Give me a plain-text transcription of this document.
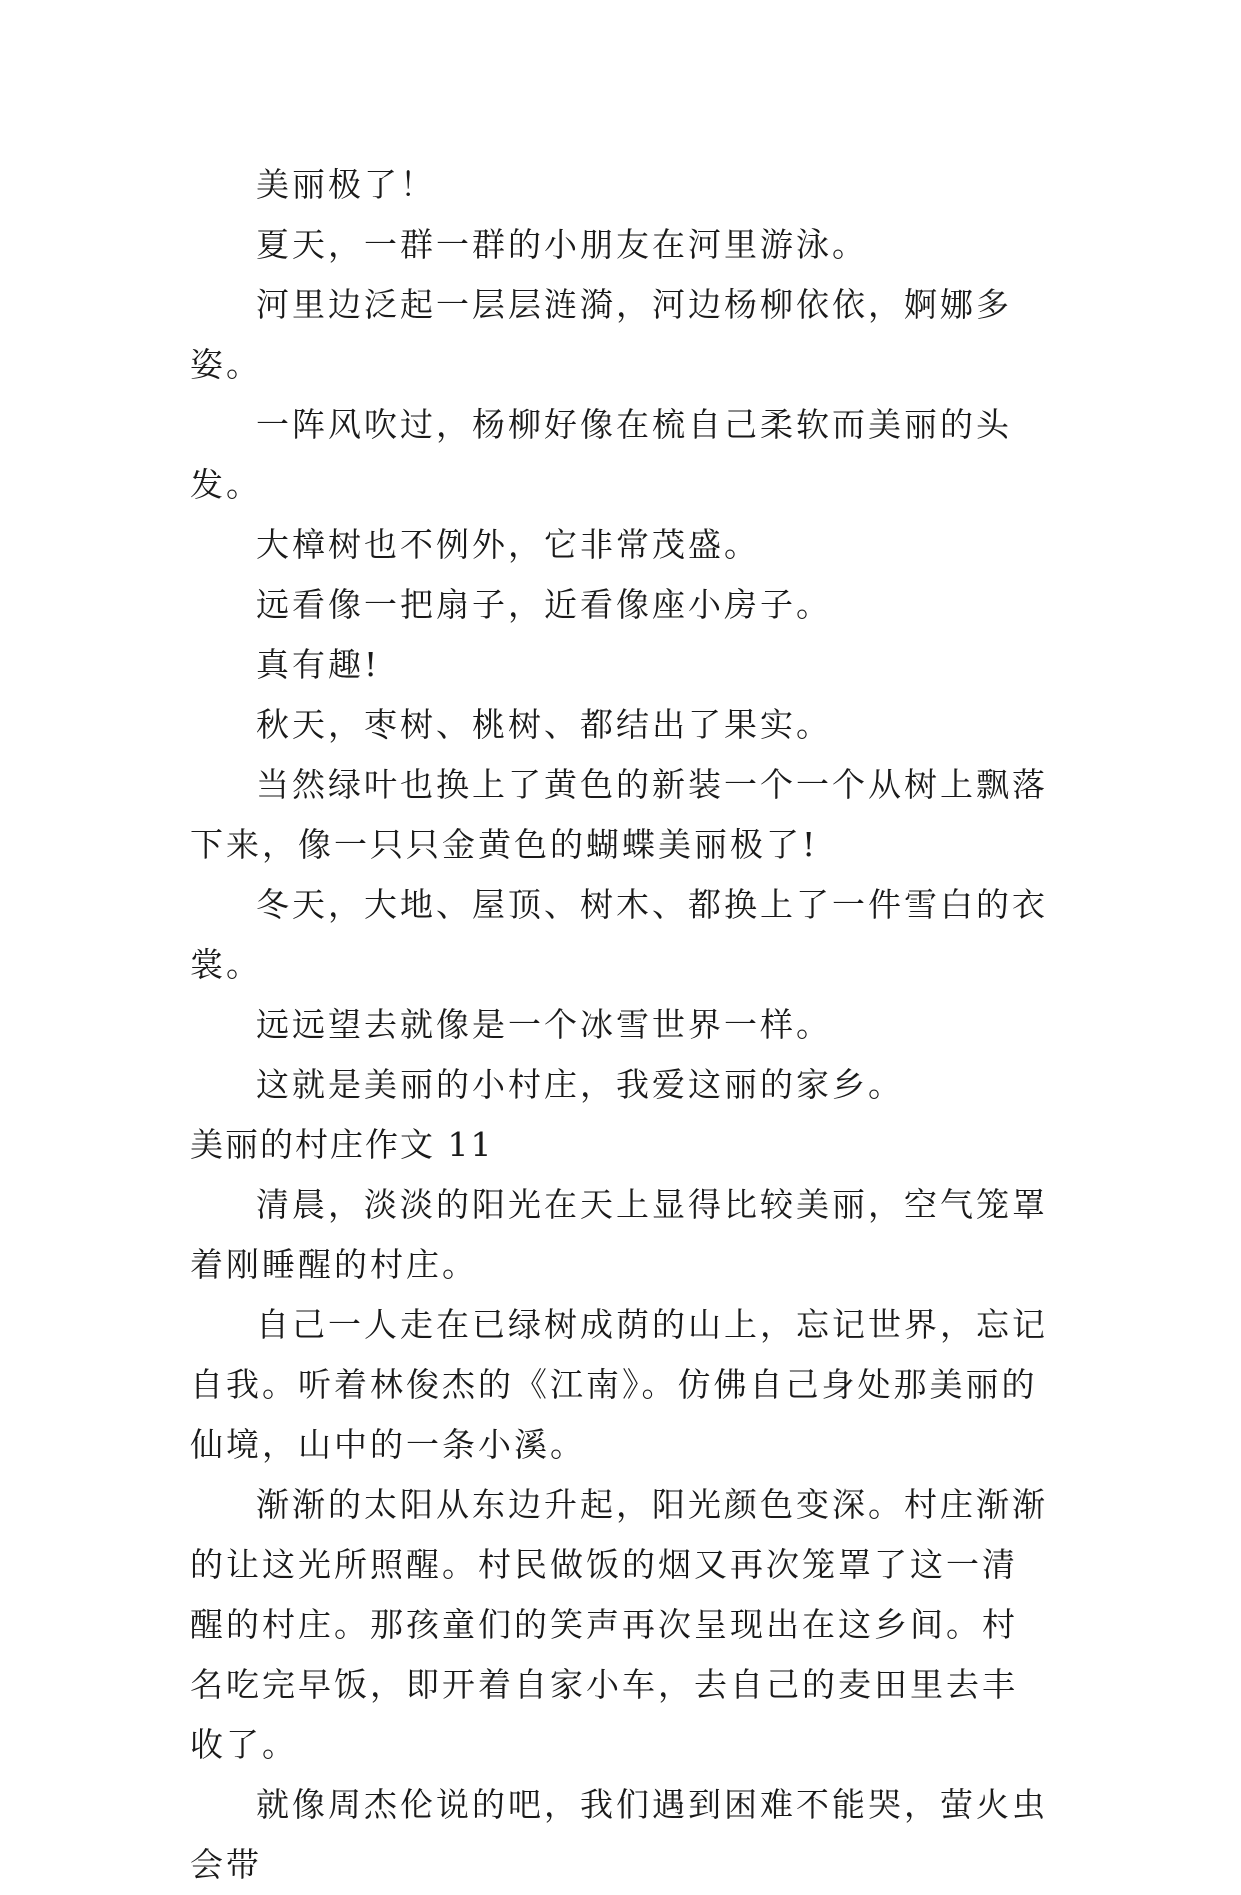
美丽极了！

夏天，一群一群的小朋友在河里游泳。

河里边泛起一层层涟漪，河边杨柳依依，婀娜多姿。

一阵风吹过，杨柳好像在梳自己柔软而美丽的头发。

大樟树也不例外，它非常茂盛。

远看像一把扇子，近看像座小房子。

真有趣!

秋天，枣树、桃树、都结出了果实。

当然绿叶也换上了黄色的新装一个一个从树上飘落下来，像一只只金黄色的蝴蝶美丽极了!

冬天，大地、屋顶、树木、都换上了一件雪白的衣裳。

远远望去就像是一个冰雪世界一样。

这就是美丽的小村庄，我爱这丽的家乡。

美丽的村庄作文 11

清晨，淡淡的阳光在天上显得比较美丽，空气笼罩着刚睡醒的村庄。

自己一人走在已绿树成荫的山上，忘记世界，忘记自我。听着林俊杰的《江南》。仿佛自己身处那美丽的仙境，山中的一条小溪。

渐渐的太阳从东边升起，阳光颜色变深。村庄渐渐的让这光所照醒。村民做饭的烟又再次笼罩了这一清醒的村庄。那孩童们的笑声再次呈现出在这乡间。村名吃完早饭，即开着自家小车，去自己的麦田里去丰收了。

就像周杰伦说的吧，我们遇到困难不能哭，萤火虫会带
